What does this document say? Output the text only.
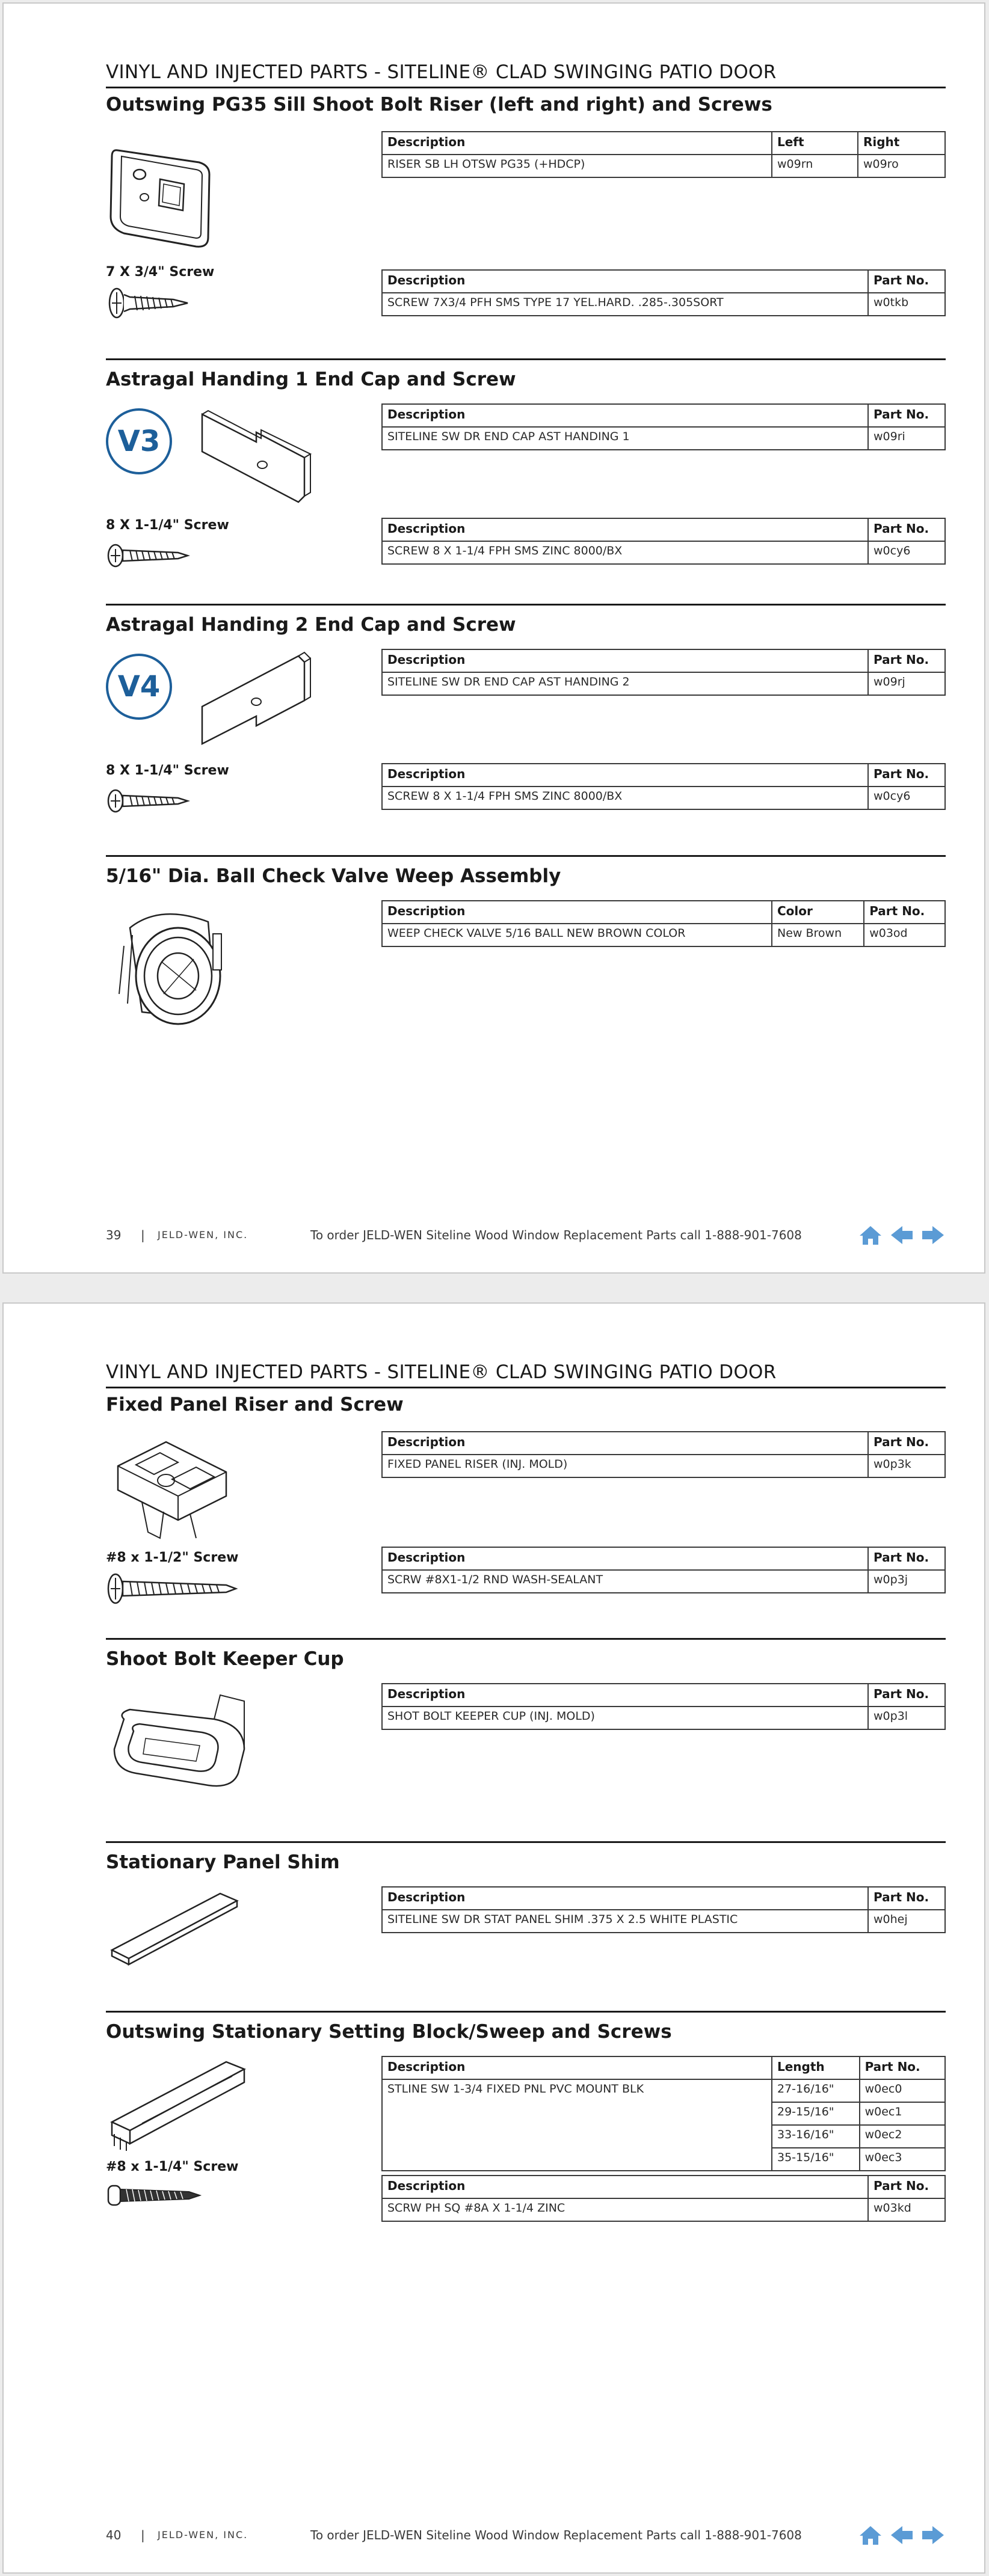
VINYL AND INJECTED PARTS - SITELINE® CLAD SWINGING PATIO DOOR
Outswing PG35 Sill Shoot Bolt Riser (left and right) and Screws
Description	Left	Right
RISER SB LH OTSW PG35 (+HDCP)	w09rn	w09ro
7 X 3/4" Screw
Description	Part No.
SCREW 7X3/4 PFH SMS TYPE 17 YEL.HARD. .285-.305SORT	w0tkb
Astragal Handing 1 End Cap and Screw
V3
Description	Part No.
SITELINE SW DR END CAP AST HANDING 1	w09ri
8 X 1-1/4" Screw	Description	Part No.
SCREW 8 X 1-1/4 FPH SMS ZINC 8000/BX	w0cy6
Astragal Handing 2 End Cap and Screw
V4
Description	Part No.
SITELINE SW DR END CAP AST HANDING 2	w09rj
8 X 1-1/4" Screw	Description	Part No.
SCREW 8 X 1-1/4 FPH SMS ZINC 8000/BX	w0cy6
5/16" Dia. Ball Check Valve Weep Assembly
Description	Color	Part No.
WEEP CHECK VALVE 5/16 BALL NEW BROWN COLOR	New Brown	w03od
39 | JELD-WEN, INC.	To order JELD-WEN Siteline Wood Window Replacement Parts call 1-888-901-7608
VINYL AND INJECTED PARTS - SITELINE® CLAD SWINGING PATIO DOOR
Fixed Panel Riser and Screw
Description	Part No.
FIXED PANEL RISER (INJ. MOLD)	w0p3k
#8 x 1-1/2" Screw	Description	Part No.
SCRW #8X1-1/2 RND WASH-SEALANT	w0p3j
Shoot Bolt Keeper Cup
Description	Part No.
SHOT BOLT KEEPER CUP (INJ. MOLD)	w0p3l
Stationary Panel Shim
Description	Part No.
SITELINE SW DR STAT PANEL SHIM .375 X 2.5 WHITE PLASTIC	w0hej
Outswing Stationary Setting Block/Sweep and Screws
Description	Length	Part No.
STLINE SW 1-3/4 FIXED PNL PVC MOUNT BLK	27-16/16"	w0ec0
	29-15/16"	w0ec1
	33-16/16"	w0ec2
	35-15/16"	w0ec3
#8 x 1-1/4" Screw
Description	Part No.
SCRW PH SQ #8A X 1-1/4 ZINC	w03kd
40 | JELD-WEN, INC.	To order JELD-WEN Siteline Wood Window Replacement Parts call 1-888-901-7608
